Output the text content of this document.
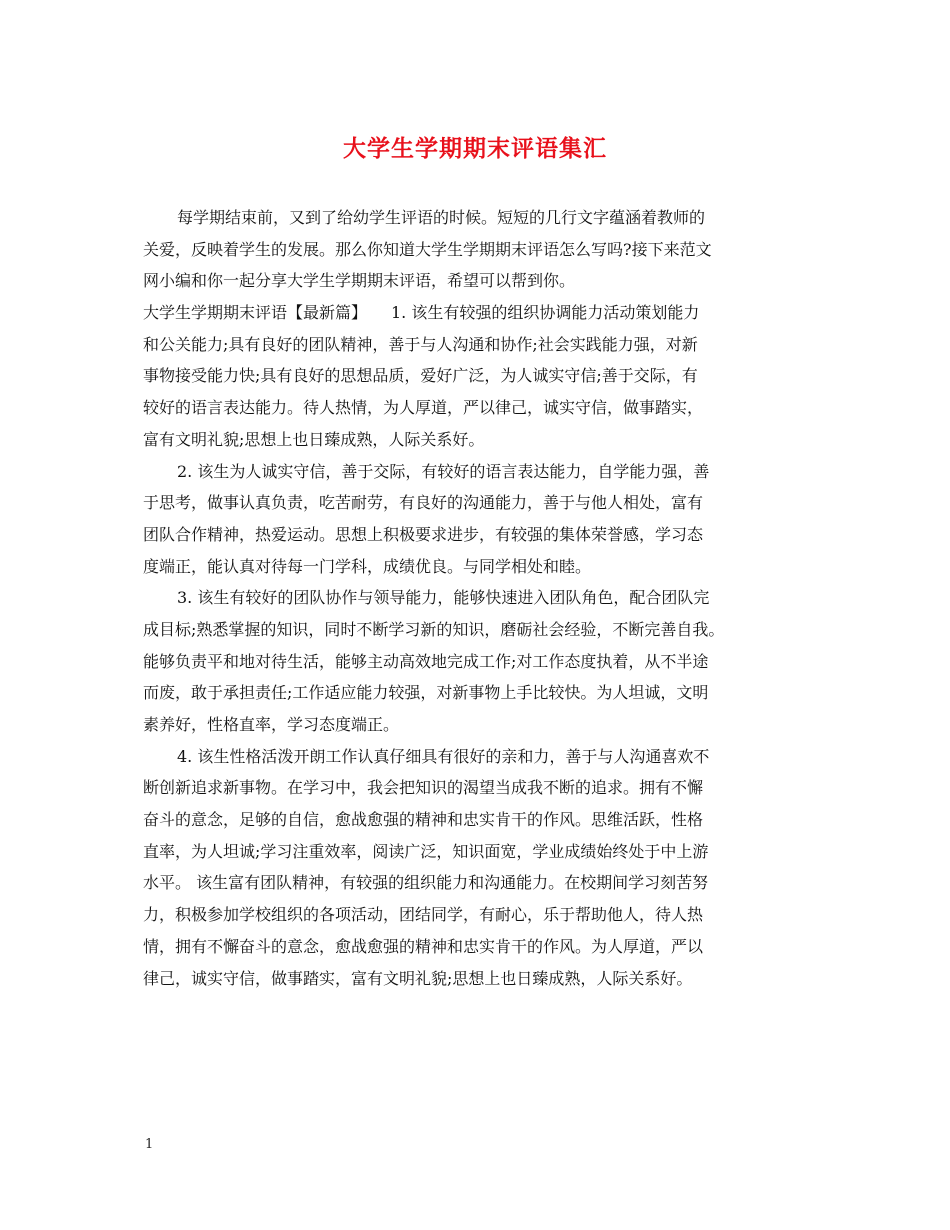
大学生学期期末评语集汇
每学期结束前，又到了给幼学生评语的时候。短短的几行文字蕴涵着教师的
关爱，反映着学生的发展。那么你知道大学生学期期末评语怎么写吗?接下来范文
网小编和你一起分享大学生学期期末评语，希望可以帮到你。
大学生学期期末评语【最新篇】　　1. 该生有较强的组织协调能力活动策划能力
和公关能力;具有良好的团队精神，善于与人沟通和协作;社会实践能力强，对新
事物接受能力快;具有良好的思想品质，爱好广泛，为人诚实守信;善于交际，有
较好的语言表达能力。待人热情，为人厚道，严以律己，诚实守信，做事踏实，
富有文明礼貌;思想上也日臻成熟，人际关系好。
2. 该生为人诚实守信，善于交际，有较好的语言表达能力，自学能力强，善
于思考，做事认真负责，吃苦耐劳，有良好的沟通能力，善于与他人相处，富有
团队合作精神，热爱运动。思想上积极要求进步，有较强的集体荣誉感，学习态
度端正，能认真对待每一门学科，成绩优良。与同学相处和睦。
3. 该生有较好的团队协作与领导能力，能够快速进入团队角色，配合团队完
成目标;熟悉掌握的知识，同时不断学习新的知识，磨砺社会经验，不断完善自我。
能够负责平和地对待生活，能够主动高效地完成工作;对工作态度执着，从不半途
而废，敢于承担责任;工作适应能力较强，对新事物上手比较快。为人坦诚，文明
素养好，性格直率，学习态度端正。
4. 该生性格活泼开朗工作认真仔细具有很好的亲和力，善于与人沟通喜欢不
断创新追求新事物。在学习中，我会把知识的渴望当成我不断的追求。拥有不懈
奋斗的意念，足够的自信，愈战愈强的精神和忠实肯干的作风。思维活跃，性格
直率，为人坦诚;学习注重效率，阅读广泛，知识面宽，学业成绩始终处于中上游
水平。 该生富有团队精神，有较强的组织能力和沟通能力。在校期间学习刻苦努
力，积极参加学校组织的各项活动，团结同学，有耐心，乐于帮助他人，待人热
情，拥有不懈奋斗的意念，愈战愈强的精神和忠实肯干的作风。为人厚道，严以
律己，诚实守信，做事踏实，富有文明礼貌;思想上也日臻成熟，人际关系好。
1
